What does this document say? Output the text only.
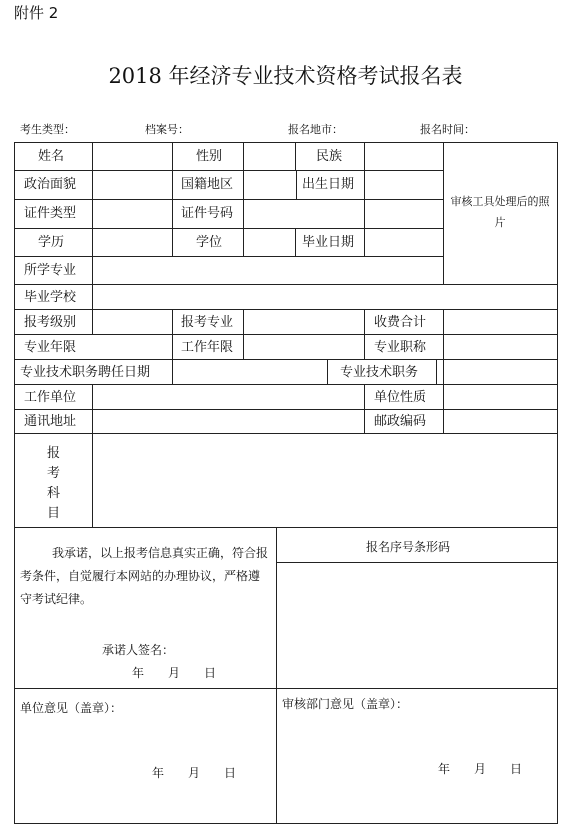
附件 2
2018 年经济专业技术资格考试报名表
考生类型：	档案号：	报名地市：	报名时间：
姓名	性别	民族
政治面貌	国籍地区	出生日期
证件类型	证件号码
学历	学位	毕业日期
审核工具处理后的照片
所学专业
毕业学校
报考级别	报考专业	收费合计
专业年限	工作年限	专业职称
专业技术职务聘任日期	专业技术职务
工作单位	单位性质
通讯地址	邮政编码
报考科目
我承诺，以上报考信息真实正确，符合报考条件，自觉履行本网站的办理协议，严格遵守考试纪律。
承诺人签名：
年　　月　　日
报名序号条形码
单位意见（盖章）：
年　　月　　日
审核部门意见（盖章）：
年　　月　　日
